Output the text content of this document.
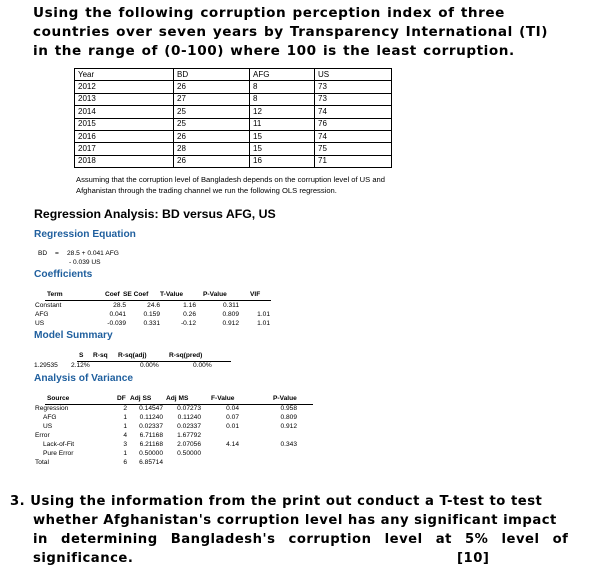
Using the following corruption perception index of three
countries over seven years by Transparency International (TI)
in the range of (0-100) where 100 is the least corruption.
Year	BD	AFG	US
2012	26	8	73
2013	27	8	73
2014	25	12	74
2015	25	11	76
2016	26	15	74
2017	28	15	75
2018	26	16	71
Assuming that the corruption level of Bangladesh depends on the corruption level of US and
Afghanistan through the trading channel we run the following OLS regression.
Regression Analysis: BD versus AFG, US
Regression Equation
BD = 28.5 + 0.041 AFG
- 0.039 US
Coefficients
Term	Coef SE Coef T-Value	P-Value	VIF
Constant	28.5	24.6	1.16	0.311
AFG	0.041	0.159	0.26	0.809	1.01
US	-0.039	0.331	-0.12	0.912	1.01
Model Summary
S R-sq R-sq(adj)	R-sq(pred)
1.29535 2.12%	0.00%	0.00%
Analysis of Variance
Source	DF Adj SS Adj MS	F-Value	P-Value
Regression	2	0.14547	0.07273	0.04	0.958
AFG	1	0.11240	0.11240	0.07	0.809
US	1	0.02337	0.02337	0.01	0.912
Error	4	6.71168	1.67792
Lack-of-Fit	3	6.21168	2.07056	4.14	0.343
Pure Error	1	0.50000	0.50000
Total	6	6.85714
3. Using the information from the print out conduct a T-test to test
whether Afghanistan's corruption level has any significant impact
in determining Bangladesh's corruption level at 5% level of
significance.	[10]
